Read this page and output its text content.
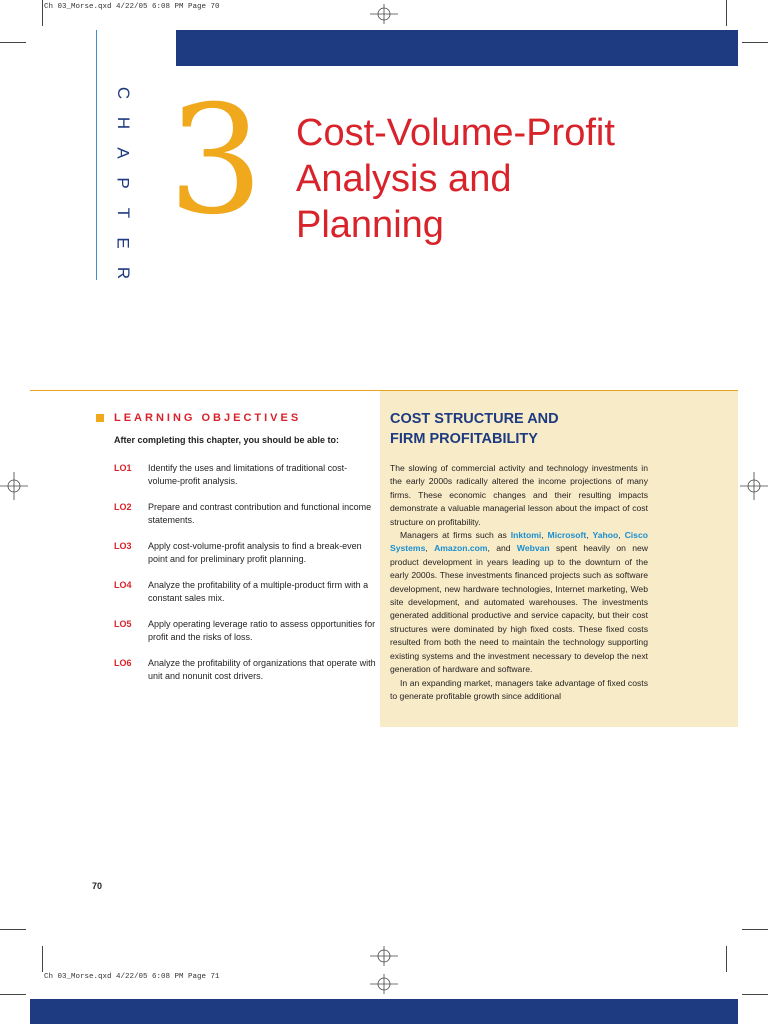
Ch 03_Morse.qxd 4/22/05 6:08 PM Page 70
Ch 03_Morse.qxd 4/22/05 6:08 PM Page 71
C
H
A
P
T
E
R
3 Cost-Volume-Profit
Analysis and
Planning
LEARNING OBJECTIVES
After completing this chapter, you should be able to:
LO1	Identify the uses and limitations of traditional cost-volume-profit analysis.
LO2	Prepare and contrast contribution and functional income statements.
LO3	Apply cost-volume-profit analysis to find a break-even point and for preliminary profit planning.
LO4	Analyze the profitability of a multiple-product firm with a constant sales mix.
LO5	Apply operating leverage ratio to assess opportunities for profit and the risks of loss.
LO6	Analyze the profitability of organizations that operate with unit and nonunit cost drivers.
COST STRUCTURE AND
FIRM PROFITABILITY

The slowing of commercial activity and technology investments in the early 2000s radically altered the income projections of many firms. These economic changes and their resulting impacts demonstrate a valuable managerial lesson about the impact of cost structure on profitability.

Managers at firms such as Inktomi, Microsoft, Yahoo, Cisco Systems, Amazon.com, and Webvan spent heavily on new product development in years leading up to the downturn of the early 2000s. These investments financed projects such as software development, new hardware technologies, Internet marketing, Web site development, and automated warehouses. The investments generated additional productive and service capacity, but their cost structures were dominated by high fixed costs. These fixed costs resulted from both the need to maintain the technology supporting existing systems and the investment necessary to develop the next generation of hardware and software.

In an expanding market, managers take advantage of fixed costs to generate profitable growth since additional

70
